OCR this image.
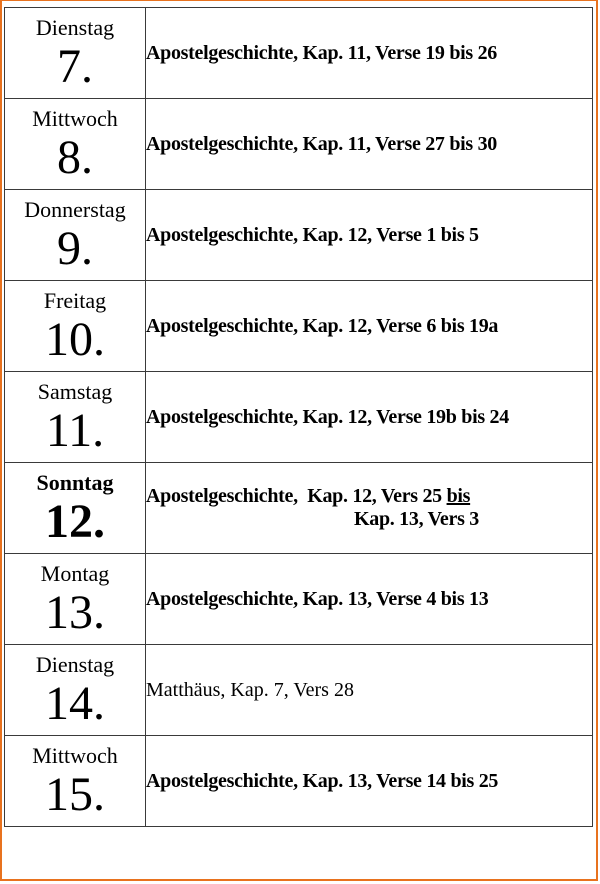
Dienstag
7.	Apostelgeschichte, Kap. 11, Verse 19 bis 26

Mittwoch
8.	Apostelgeschichte, Kap. 11, Verse 27 bis 30

Donnerstag
9.	Apostelgeschichte, Kap. 12, Verse 1 bis 5

Freitag
10.	Apostelgeschichte, Kap. 12, Verse 6 bis 19a

Samstag
11.	Apostelgeschichte, Kap. 12, Verse 19b bis 24

Sonntag
12.	Apostelgeschichte,  Kap. 12, Vers 25 bis
Kap. 13, Vers 3

Montag
13.	Apostelgeschichte, Kap. 13, Verse 4 bis 13

Dienstag
14.	Matthäus, Kap. 7, Vers 28

Mittwoch
15.	Apostelgeschichte, Kap. 13, Verse 14 bis 25
